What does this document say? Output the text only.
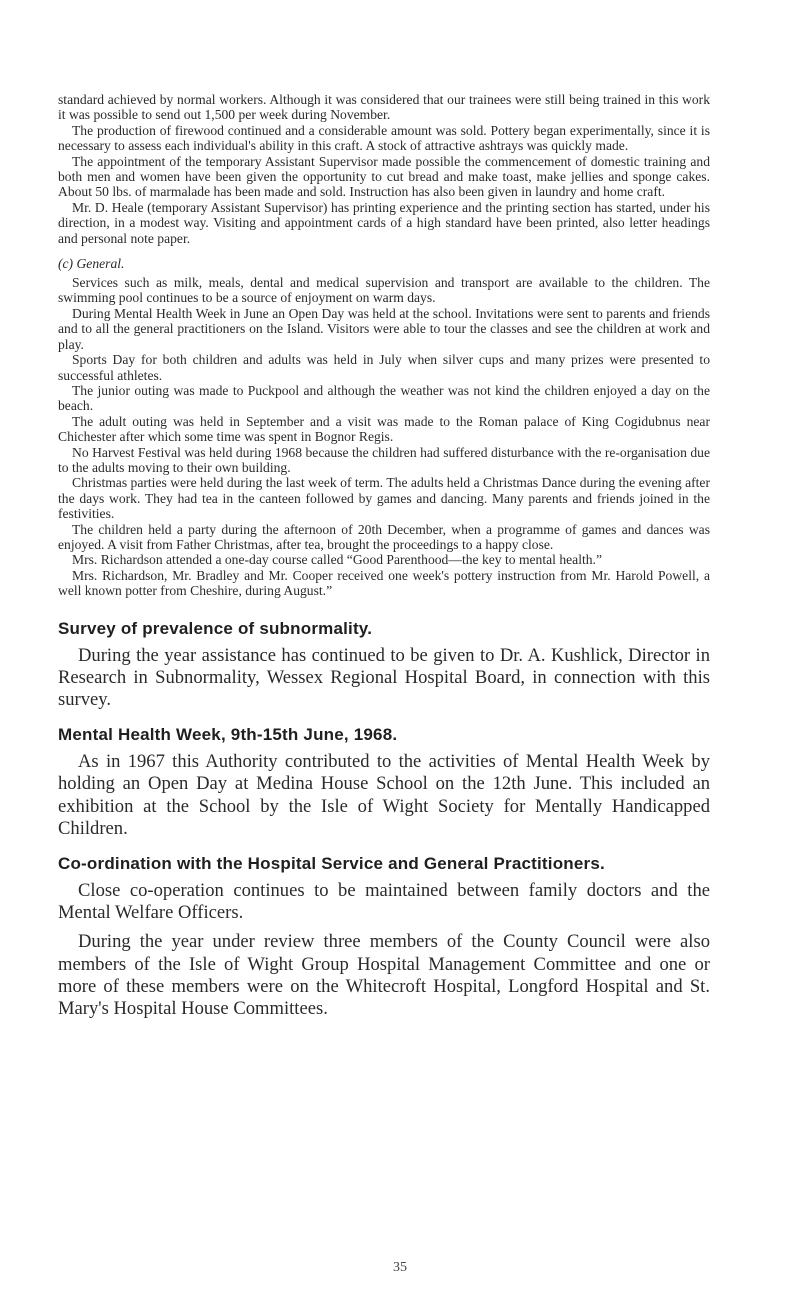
standard achieved by normal workers. Although it was considered that our trainees were still being trained in this work it was possible to send out 1,500 per week during November.

The production of firewood continued and a considerable amount was sold. Pottery began experimentally, since it is necessary to assess each individual's ability in this craft. A stock of attractive ashtrays was quickly made.

The appointment of the temporary Assistant Supervisor made possible the commencement of domestic training and both men and women have been given the opportunity to cut bread and make toast, make jellies and sponge cakes. About 50 lbs. of marmalade has been made and sold. Instruction has also been given in laundry and home craft.

Mr. D. Heale (temporary Assistant Supervisor) has printing experience and the printing section has started, under his direction, in a modest way. Visiting and appointment cards of a high standard have been printed, also letter headings and personal note paper.

(c) General.

Services such as milk, meals, dental and medical supervision and transport are available to the children. The swimming pool continues to be a source of enjoyment on warm days.

During Mental Health Week in June an Open Day was held at the school. Invitations were sent to parents and friends and to all the general practitioners on the Island. Visitors were able to tour the classes and see the children at work and play.

Sports Day for both children and adults was held in July when silver cups and many prizes were presented to successful athletes.

The junior outing was made to Puckpool and although the weather was not kind the children enjoyed a day on the beach.

The adult outing was held in September and a visit was made to the Roman palace of King Cogidubnus near Chichester after which some time was spent in Bognor Regis.

No Harvest Festival was held during 1968 because the children had suffered disturbance with the re-organisation due to the adults moving to their own building.

Christmas parties were held during the last week of term. The adults held a Christmas Dance during the evening after the days work. They had tea in the canteen followed by games and dancing. Many parents and friends joined in the festivities.

The children held a party during the afternoon of 20th December, when a programme of games and dances was enjoyed. A visit from Father Christmas, after tea, brought the proceedings to a happy close.

Mrs. Richardson attended a one-day course called “Good Parenthood—the key to mental health.”

Mrs. Richardson, Mr. Bradley and Mr. Cooper received one week's pottery instruction from Mr. Harold Powell, a well known potter from Cheshire, during August.”

Survey of prevalence of subnormality.

During the year assistance has continued to be given to Dr. A. Kushlick, Director in Research in Subnormality, Wessex Regional Hospital Board, in connection with this survey.

Mental Health Week, 9th-15th June, 1968.

As in 1967 this Authority contributed to the activities of Mental Health Week by holding an Open Day at Medina House School on the 12th June. This included an exhibition at the School by the Isle of Wight Society for Mentally Handicapped Children.

Co-ordination with the Hospital Service and General Practitioners.

Close co-operation continues to be maintained between family doctors and the Mental Welfare Officers.

During the year under review three members of the County Council were also members of the Isle of Wight Group Hospital Management Committee and one or more of these members were on the Whitecroft Hospital, Longford Hospital and St. Mary's Hospital House Committees.

35
